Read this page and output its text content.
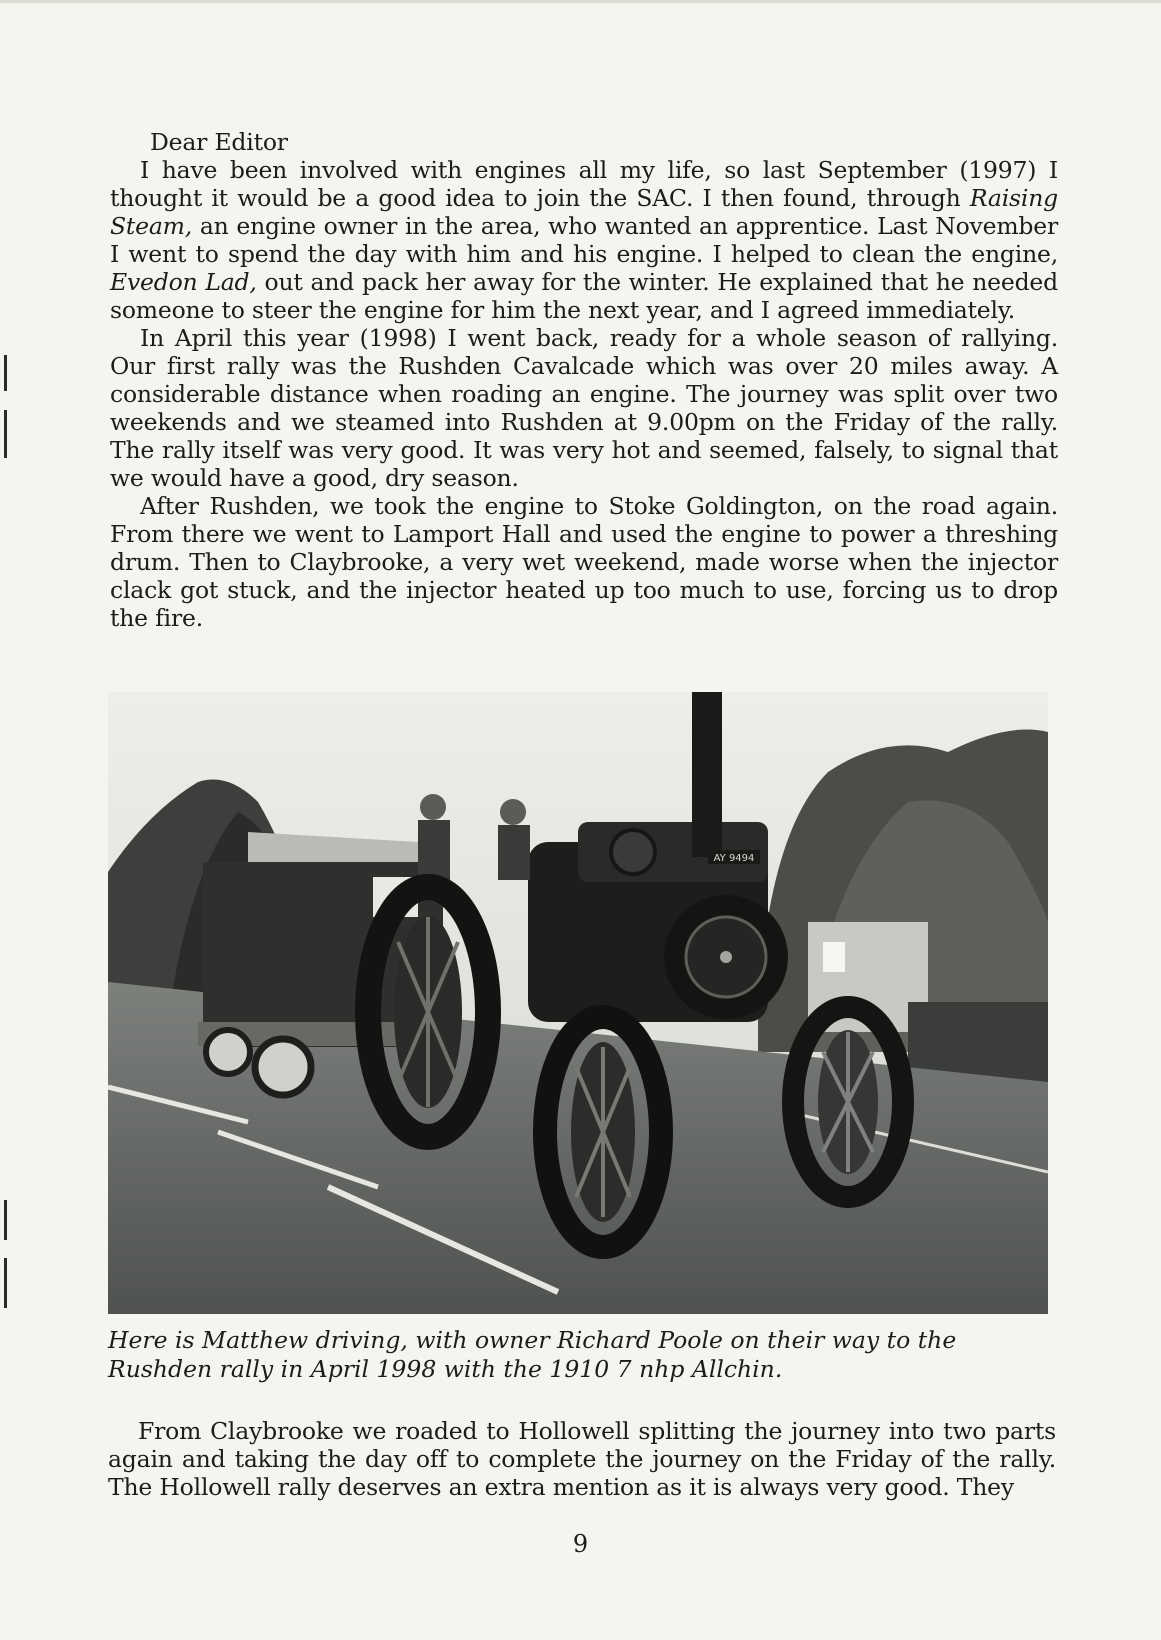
Dear Editor

I have been involved with engines all my life, so last September (1997) I thought it would be a good idea to join the SAC. I then found, through Raising Steam, an engine owner in the area, who wanted an apprentice. Last November I went to spend the day with him and his engine. I helped to clean the engine, Evedon Lad, out and pack her away for the winter. He explained that he needed someone to steer the engine for him the next year, and I agreed immediately.

In April this year (1998) I went back, ready for a whole season of rallying. Our first rally was the Rushden Cavalcade which was over 20 miles away. A considerable distance when roading an engine. The journey was split over two weekends and we steamed into Rushden at 9.00pm on the Friday of the rally. The rally itself was very good. It was very hot and seemed, falsely, to signal that we would have a good, dry season.

After Rushden, we took the engine to Stoke Goldington, on the road again. From there we went to Lamport Hall and used the engine to power a threshing drum. Then to Claybrooke, a very wet weekend, made worse when the injector clack got stuck, and the injector heated up too much to use, forcing us to drop the fire.

AY 9494

Here is Matthew driving, with owner Richard Poole on their way to the Rushden rally in April 1998 with the 1910 7 nhp Allchin.

From Claybrooke we roaded to Hollowell splitting the journey into two parts again and taking the day off to complete the journey on the Friday of the rally. The Hollowell rally deserves an extra mention as it is always very good. They

9
